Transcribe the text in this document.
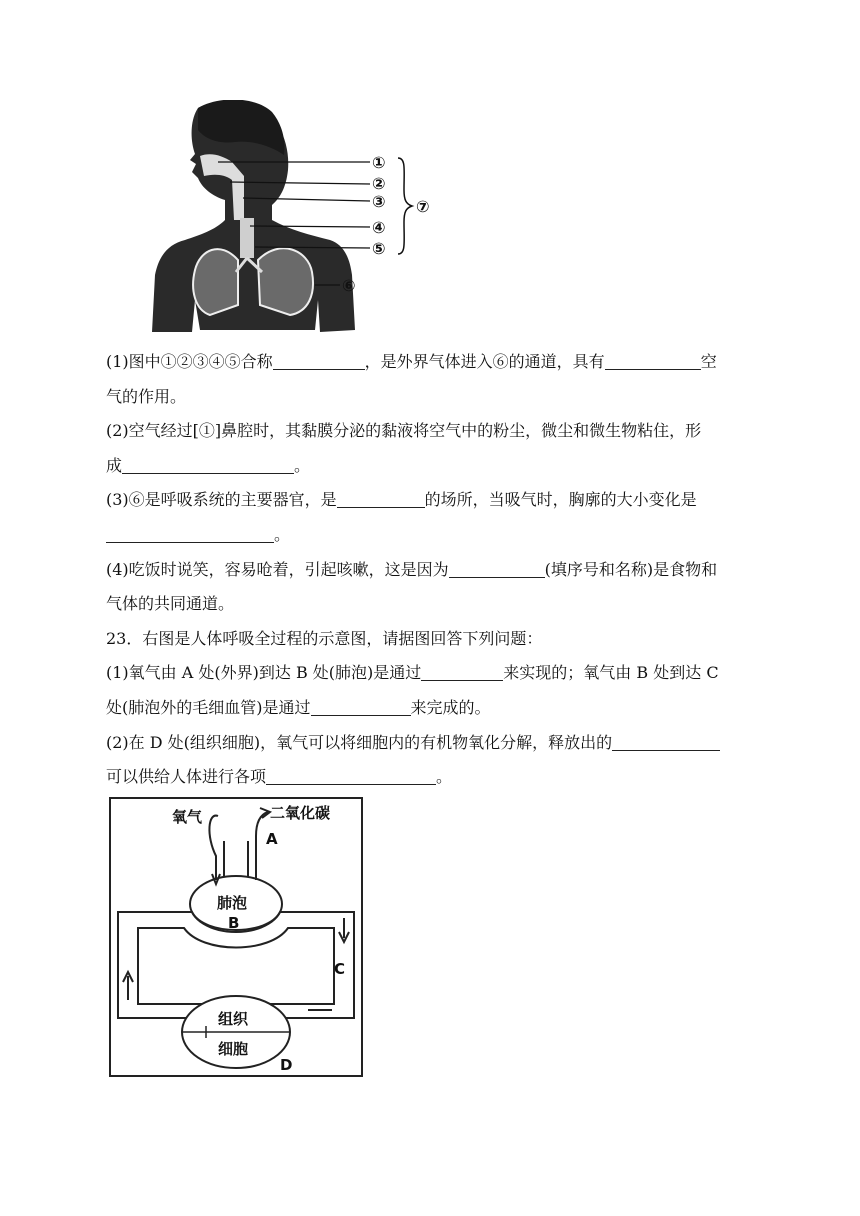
①
②
③
④
⑤
⑥
⑦
(1)图中①②③④⑤合称	，是外界气体进入⑥的通道，具有	空
气的作用。
(2)空气经过[①]鼻腔时，其黏膜分泌的黏液将空气中的粉尘，微尘和微生物粘住，形
成	。
(3)⑥是呼吸系统的主要器官，是	的场所，当吸气时，胸廓的大小变化是
。
(4)吃饭时说笑，容易呛着，引起咳嗽，这是因为	(填序号和名称)是食物和
气体的共同通道。
23．右图是人体呼吸全过程的示意图，请据图回答下列问题：
(1)氧气由 A 处(外界)到达 B 处(肺泡)是通过	来实现的；氧气由 B 处到达 C
处(肺泡外的毛细血管)是通过	来完成的。
(2)在 D 处(组织细胞)，氧气可以将细胞内的有机物氧化分解，释放出的
可以供给人体进行各项	。
氧气	二氧化碳
A
肺泡
B
C
组织
细胞
D
